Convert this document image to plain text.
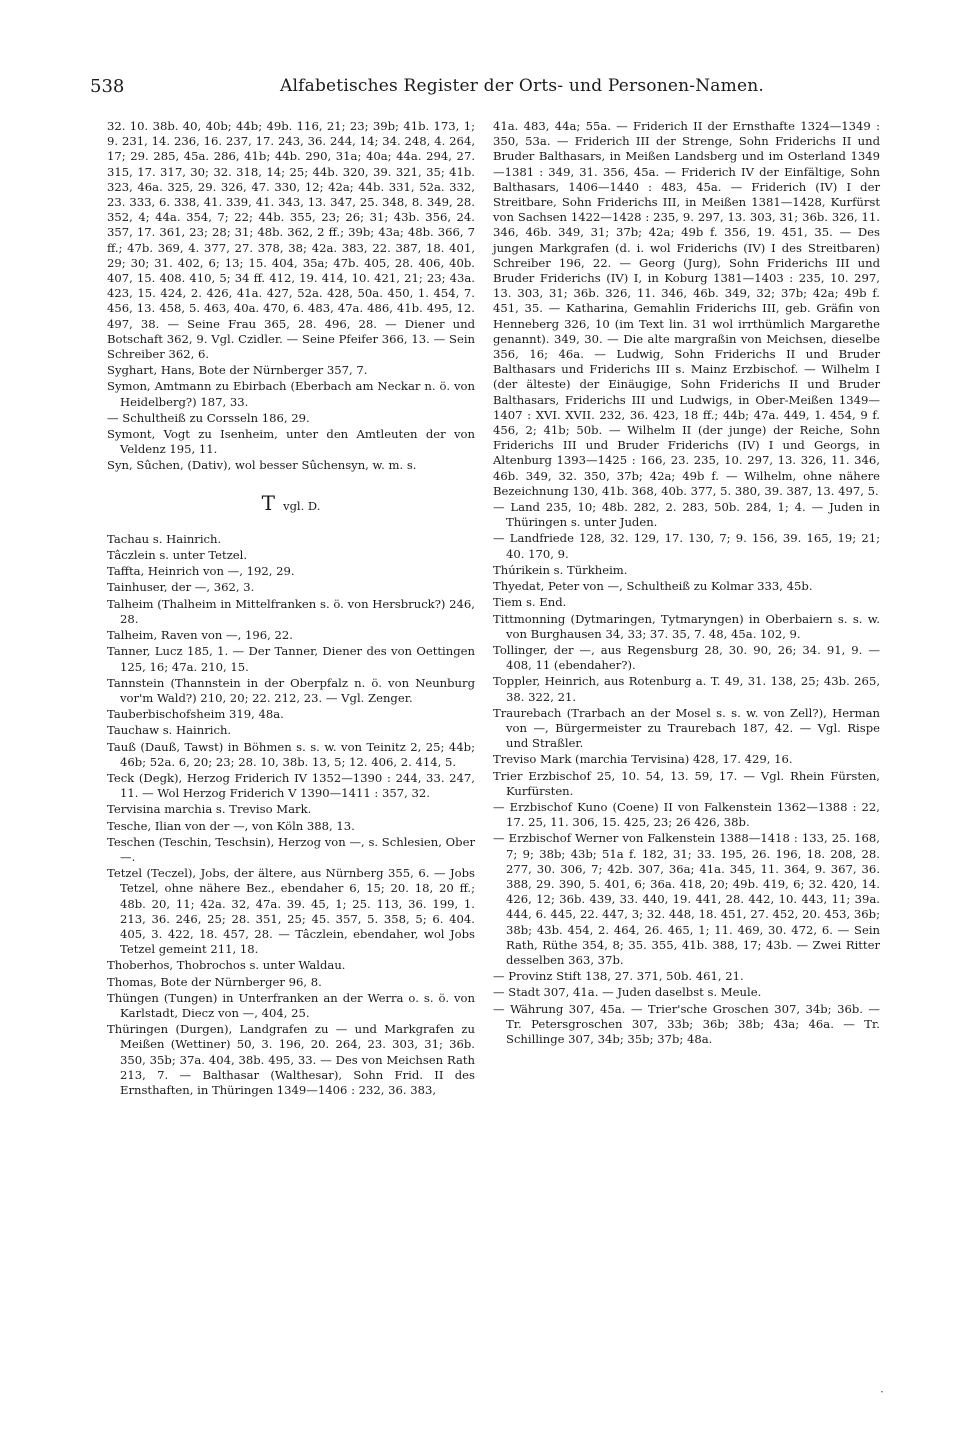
538	Alfabetisches Register der Orts- und Personen-Namen.

32. 10. 38b. 40, 40b; 44b; 49b. 116, 21; 23; 39b; 41b. 173, 1; 9. 231, 14. 236, 16. 237, 17. 243, 36. 244, 14; 34. 248, 4. 264, 17; 29. 285, 45a. 286, 41b; 44b. 290, 31a; 40a; 44a. 294, 27. 315, 17. 317, 30; 32. 318, 14; 25; 44b. 320, 39. 321, 35; 41b. 323, 46a. 325, 29. 326, 47. 330, 12; 42a; 44b. 331, 52a. 332, 23. 333, 6. 338, 41. 339, 41. 343, 13. 347, 25. 348, 8. 349, 28. 352, 4; 44a. 354, 7; 22; 44b. 355, 23; 26; 31; 43b. 356, 24. 357, 17. 361, 23; 28; 31; 48b. 362, 2 ff.; 39b; 43a; 48b. 366, 7 ff.; 47b. 369, 4. 377, 27. 378, 38; 42a. 383, 22. 387, 18. 401, 29; 30; 31. 402, 6; 13; 15. 404, 35a; 47b. 405, 28. 406, 40b. 407, 15. 408. 410, 5; 34 ff. 412, 19. 414, 10. 421, 21; 23; 43a. 423, 15. 424, 2. 426, 41a. 427, 52a. 428, 50a. 450, 1. 454, 7. 456, 13. 458, 5. 463, 40a. 470, 6. 483, 47a. 486, 41b. 495, 12. 497, 38. — Seine Frau 365, 28. 496, 28. — Diener und Botschaft 362, 9. Vgl. Czidler. — Seine Pfeifer 366, 13. — Sein Schreiber 362, 6.

Syghart, Hans, Bote der Nürnberger 357, 7.

Symon, Amtmann zu Ebirbach (Eberbach am Neckar n. ö. von Heidelberg?) 187, 33.

— Schultheiß zu Corsseln 186, 29.

Symont, Vogt zu Isenheim, unter den Amtleuten der von Veldenz 195, 11.

Syn, Sûchen, (Dativ), wol besser Sûchensyn, w. m. s.

T vgl. D.

Tachau s. Hainrich.

Tâczlein s. unter Tetzel.

Taffta, Heinrich von —, 192, 29.

Tainhuser, der —, 362, 3.

Talheim (Thalheim in Mittelfranken s. ö. von Hersbruck?) 246, 28.

Talheim, Raven von —, 196, 22.

Tanner, Lucz 185, 1. — Der Tanner, Diener des von Oettingen 125, 16; 47a. 210, 15.

Tannstein (Thannstein in der Oberpfalz n. ö. von Neunburg vor'm Wald?) 210, 20; 22. 212, 23. — Vgl. Zenger.

Tauberbischofsheim 319, 48a.

Tauchaw s. Hainrich.

Tauß (Dauß, Tawst) in Böhmen s. s. w. von Teinitz 2, 25; 44b; 46b; 52a. 6, 20; 23; 28. 10, 38b. 13, 5; 12. 406, 2. 414, 5.

Teck (Degk), Herzog Friderich IV 1352—1390 : 244, 33. 247, 11. — Wol Herzog Friderich V 1390—1411 : 357, 32.

Tervisina marchia s. Treviso Mark.

Tesche, Ilian von der —, von Köln 388, 13.

Teschen (Teschin, Teschsin), Herzog von —, s. Schlesien, Ober —.

Tetzel (Teczel), Jobs, der ältere, aus Nürnberg 355, 6. — Jobs Tetzel, ohne nähere Bez., ebendaher 6, 15; 20. 18, 20 ff.; 48b. 20, 11; 42a. 32, 47a. 39. 45, 1; 25. 113, 36. 199, 1. 213, 36. 246, 25; 28. 351, 25; 45. 357, 5. 358, 5; 6. 404. 405, 3. 422, 18. 457, 28. — Tâczlein, ebendaher, wol Jobs Tetzel gemeint 211, 18.

Thoberhos, Thobrochos s. unter Waldau.

Thomas, Bote der Nürnberger 96, 8.

Thüngen (Tungen) in Unterfranken an der Werra o. s. ö. von Karlstadt, Diecz von —, 404, 25.

Thüringen (Durgen), Landgrafen zu — und Markgrafen zu Meißen (Wettiner) 50, 3. 196, 20. 264, 23. 303, 31; 36b. 350, 35b; 37a. 404, 38b. 495, 33. — Des von Meichsen Rath 213, 7. — Balthasar (Walthesar), Sohn Frid. II des Ernsthaften, in Thüringen 1349—1406 : 232, 36. 383,

41a. 483, 44a; 55a. — Friderich II der Ernsthafte 1324—1349 : 350, 53a. — Friderich III der Strenge, Sohn Friderichs II und Bruder Balthasars, in Meißen Landsberg und im Osterland 1349—1381 : 349, 31. 356, 45a. — Friderich IV der Einfältige, Sohn Balthasars, 1406—1440 : 483, 45a. — Friderich (IV) I der Streitbare, Sohn Friderichs III, in Meißen 1381—1428, Kurfürst von Sachsen 1422—1428 : 235, 9. 297, 13. 303, 31; 36b. 326, 11. 346, 46b. 349, 31; 37b; 42a; 49b f. 356, 19. 451, 35. — Des jungen Markgrafen (d. i. wol Friderichs (IV) I des Streitbaren) Schreiber 196, 22. — Georg (Jurg), Sohn Friderichs III und Bruder Friderichs (IV) I, in Koburg 1381—1403 : 235, 10. 297, 13. 303, 31; 36b. 326, 11. 346, 46b. 349, 32; 37b; 42a; 49b f. 451, 35. — Katharina, Gemahlin Friderichs III, geb. Gräfin von Henneberg 326, 10 (im Text lin. 31 wol irrthümlich Margarethe genannt). 349, 30. — Die alte margraßin von Meichsen, dieselbe 356, 16; 46a. — Ludwig, Sohn Friderichs II und Bruder Balthasars und Friderichs III s. Mainz Erzbischof. — Wilhelm I (der älteste) der Einäugige, Sohn Friderichs II und Bruder Balthasars, Friderichs III und Ludwigs, in Ober-Meißen 1349—1407 : XVI. XVII. 232, 36. 423, 18 ff.; 44b; 47a. 449, 1. 454, 9 f. 456, 2; 41b; 50b. — Wilhelm II (der junge) der Reiche, Sohn Friderichs III und Bruder Friderichs (IV) I und Georgs, in Altenburg 1393—1425 : 166, 23. 235, 10. 297, 13. 326, 11. 346, 46b. 349, 32. 350, 37b; 42a; 49b f. — Wilhelm, ohne nähere Bezeichnung 130, 41b. 368, 40b. 377, 5. 380, 39. 387, 13. 497, 5.

— Land 235, 10; 48b. 282, 2. 283, 50b. 284, 1; 4. — Juden in Thüringen s. unter Juden.

— Landfriede 128, 32. 129, 17. 130, 7; 9. 156, 39. 165, 19; 21; 40. 170, 9.

Thúrikein s. Türkheim.

Thyedat, Peter von —, Schultheiß zu Kolmar 333, 45b.

Tiem s. End.

Tittmonning (Dytmaringen, Tytmaryngen) in Oberbaiern s. s. w. von Burghausen 34, 33; 37. 35, 7. 48, 45a. 102, 9.

Tollinger, der —, aus Regensburg 28, 30. 90, 26; 34. 91, 9. — 408, 11 (ebendaher?).

Toppler, Heinrich, aus Rotenburg a. T. 49, 31. 138, 25; 43b. 265, 38. 322, 21.

Traurebach (Trarbach an der Mosel s. s. w. von Zell?), Herman von —, Bürgermeister zu Traurebach 187, 42. — Vgl. Rispe und Straßler.

Treviso Mark (marchia Tervisina) 428, 17. 429, 16.

Trier Erzbischof 25, 10. 54, 13. 59, 17. — Vgl. Rhein Fürsten, Kurfürsten.

— Erzbischof Kuno (Coene) II von Falkenstein 1362—1388 : 22, 17. 25, 11. 306, 15. 425, 23; 26 426, 38b.

— Erzbischof Werner von Falkenstein 1388—1418 : 133, 25. 168, 7; 9; 38b; 43b; 51a f. 182, 31; 33. 195, 26. 196, 18. 208, 28. 277, 30. 306, 7; 42b. 307, 36a; 41a. 345, 11. 364, 9. 367, 36. 388, 29. 390, 5. 401, 6; 36a. 418, 20; 49b. 419, 6; 32. 420, 14. 426, 12; 36b. 439, 33. 440, 19. 441, 28. 442, 10. 443, 11; 39a. 444, 6. 445, 22. 447, 3; 32. 448, 18. 451, 27. 452, 20. 453, 36b; 38b; 43b. 454, 2. 464, 26. 465, 1; 11. 469, 30. 472, 6. — Sein Rath, Rüthe 354, 8; 35. 355, 41b. 388, 17; 43b. — Zwei Ritter desselben 363, 37b.

— Provinz Stift 138, 27. 371, 50b. 461, 21.

— Stadt 307, 41a. — Juden daselbst s. Meule.

— Währung 307, 45a. — Trier'sche Groschen 307, 34b; 36b. — Tr. Petersgroschen 307, 33b; 36b; 38b; 43a; 46a. — Tr. Schillinge 307, 34b; 35b; 37b; 48a.

·
